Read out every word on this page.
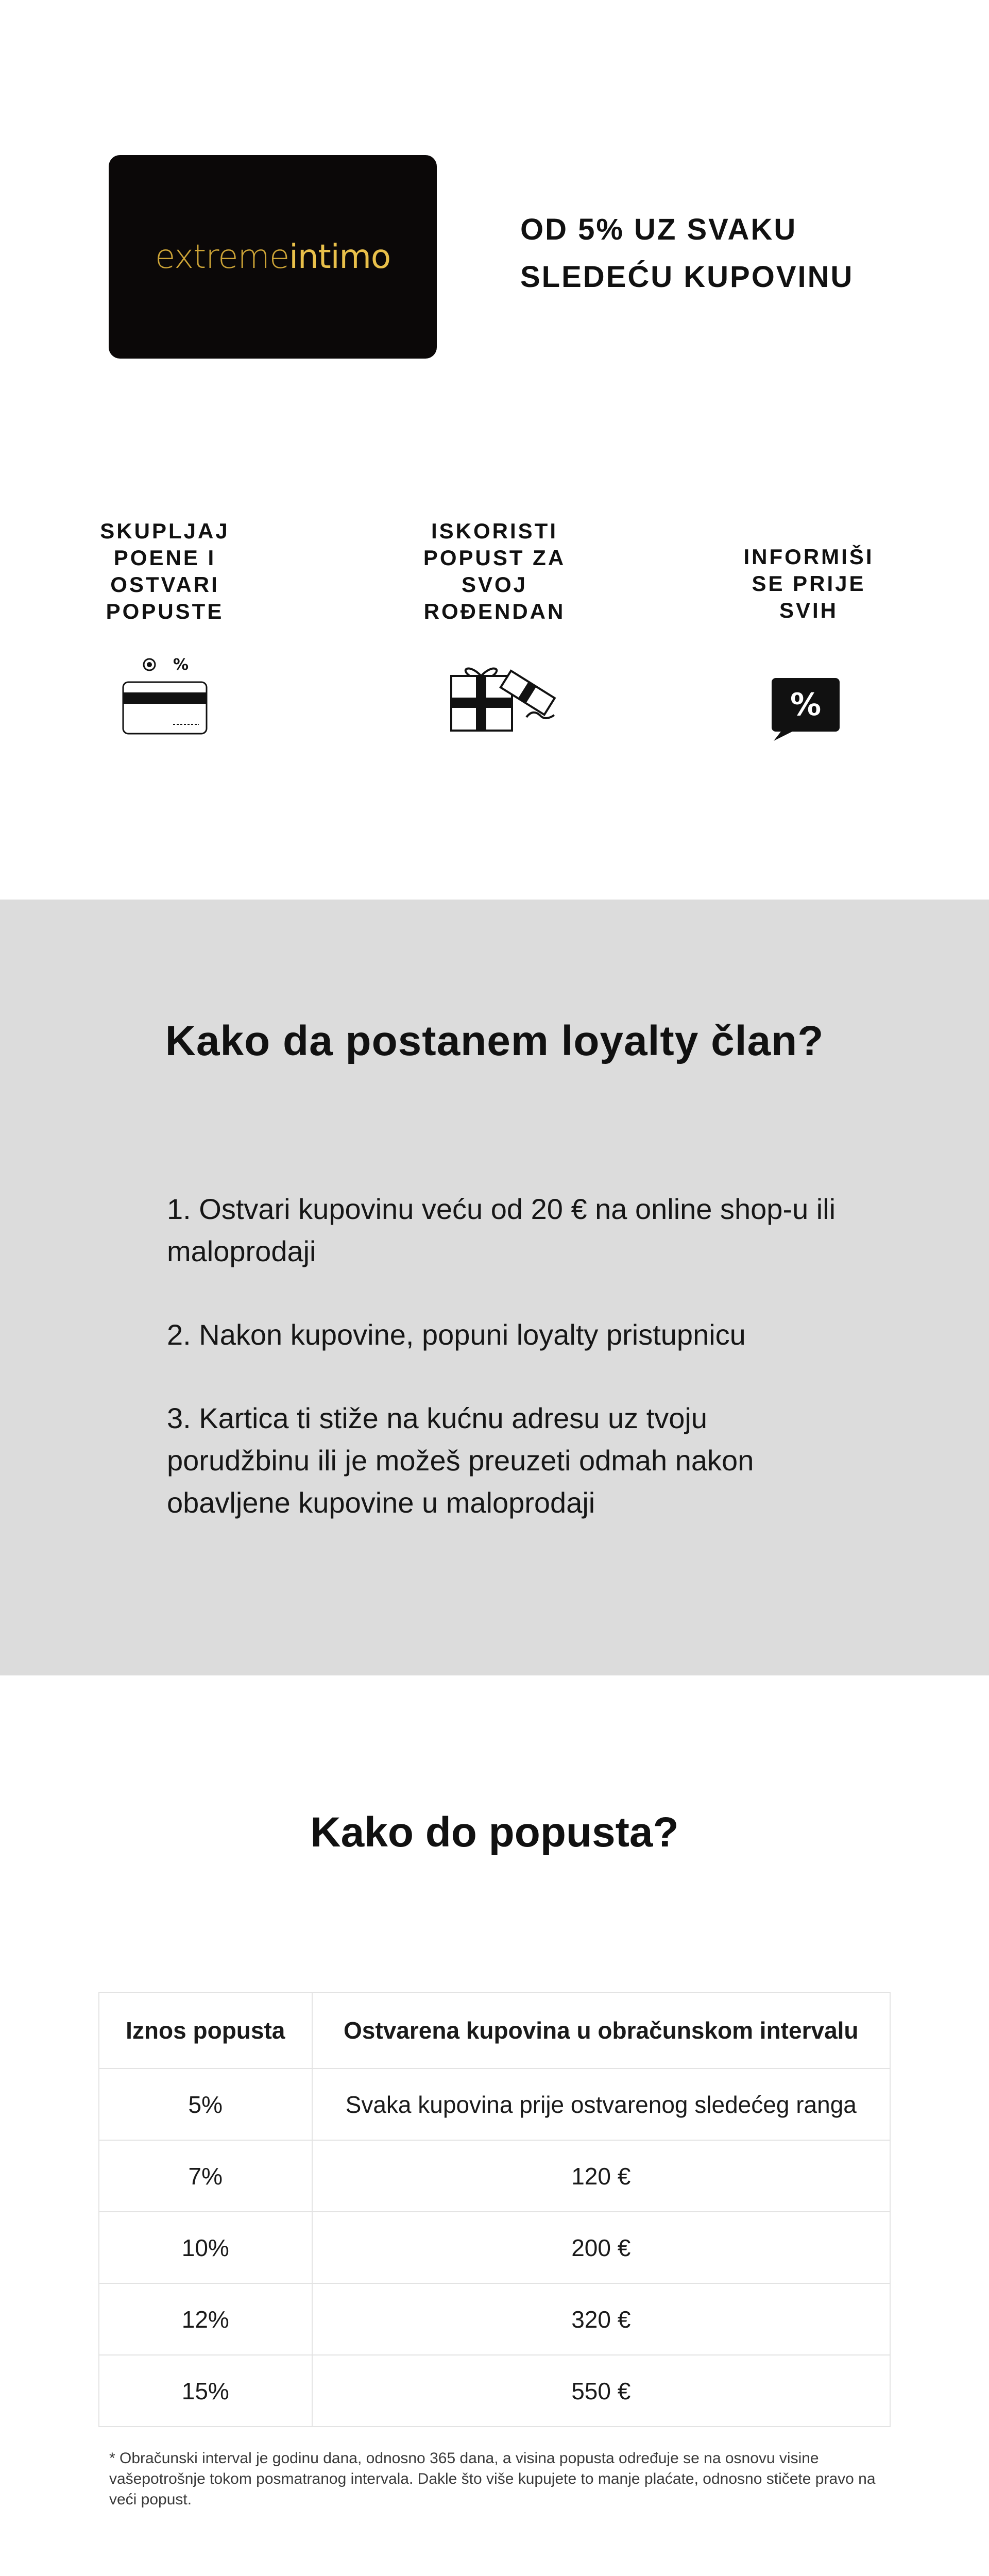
extremeintimo
OD 5% UZ SVAKU
SLEDEĆU KUPOVINU
SKUPLJAJ POENE I OSTVARI POPUSTE
%
ISKORISTI POPUST ZA SVOJ ROĐENDAN
INFORMIŠI SE PRIJE SVIH
%
Kako da postanem loyalty član?
1. Ostvari kupovinu veću od 20 € na online shop-u ili maloprodaji
2. Nakon kupovine, popuni loyalty pristupnicu
3. Kartica ti stiže na kućnu adresu uz tvoju porudžbinu ili je možeš preuzeti odmah nakon obavljene kupovine u maloprodaji
Kako do popusta?
Iznos popusta	Ostvarena kupovina u obračunskom intervalu
5%	Svaka kupovina prije ostvarenog sledećeg ranga
7%	120 €
10%	200 €
12%	320 €
15%	550 €

* Obračunski interval je godinu dana, odnosno 365 dana, a visina popusta određuje se na osnovu visine vašepotrošnje tokom posmatranog intervala. Dakle što više kupujete to manje plaćate, odnosno stičete pravo na veći popust.
